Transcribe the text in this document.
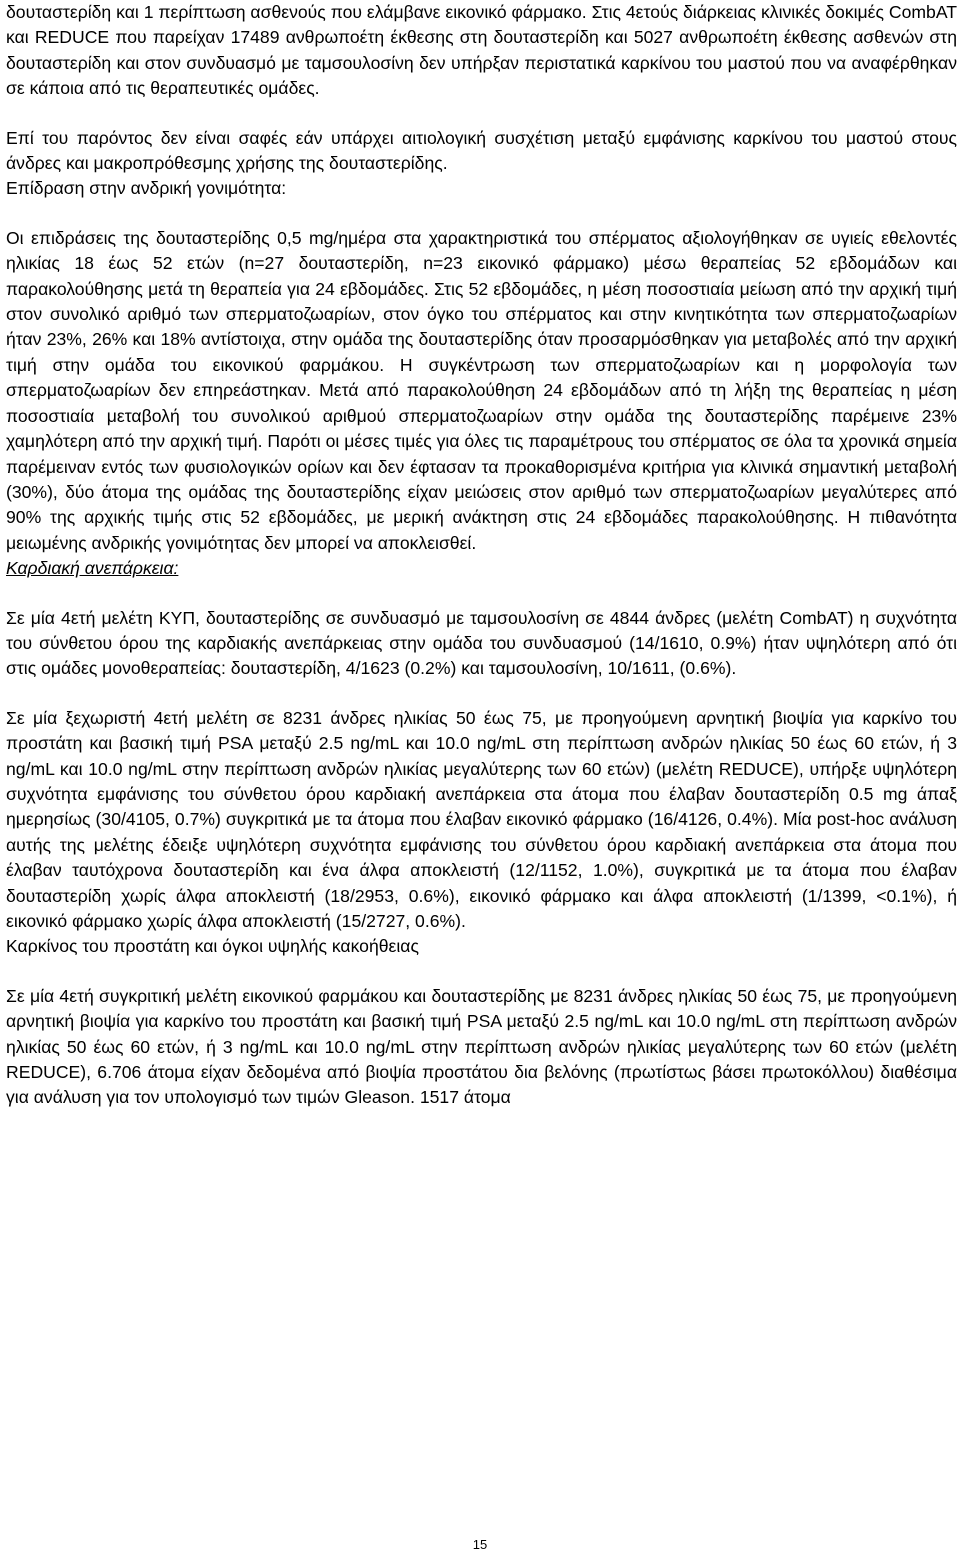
δουταστερίδη και 1 περίπτωση ασθενούς που ελάμβανε εικονικό φάρμακο. Στις 4ετούς διάρκειας κλινικές δοκιμές CombAT και REDUCE που παρείχαν 17489 ανθρωποέτη έκθεσης στη δουταστερίδη και 5027 ανθρωποέτη έκθεσης ασθενών στη δουταστερίδη και στον συνδυασμό με ταμσουλοσίνη δεν υπήρξαν περιστατικά καρκίνου του μαστού που να αναφέρθηκαν σε κάποια από τις θεραπευτικές ομάδες.

Επί του παρόντος δεν είναι σαφές εάν υπάρχει αιτιολογική συσχέτιση μεταξύ εμφάνισης καρκίνου του μαστού στους άνδρες και μακροπρόθεσμης χρήσης της δουταστερίδης.

Επίδραση στην ανδρική γονιμότητα:

Οι επιδράσεις της δουταστερίδης 0,5 mg/ημέρα στα χαρακτηριστικά του σπέρματος αξιολογήθηκαν σε υγιείς εθελοντές ηλικίας 18 έως 52 ετών (n=27 δουταστερίδη, n=23 εικονικό φάρμακο) μέσω θεραπείας 52 εβδομάδων και παρακολούθησης μετά τη θεραπεία για 24 εβδομάδες. Στις 52 εβδομάδες, η μέση ποσοστιαία μείωση από την αρχική τιμή στον συνολικό αριθμό των σπερματοζωαρίων, στον όγκο του σπέρματος και στην κινητικότητα των σπερματοζωαρίων ήταν 23%, 26% και 18% αντίστοιχα, στην ομάδα της δουταστερίδης όταν προσαρμόσθηκαν για μεταβολές από την αρχική τιμή στην ομάδα του εικονικού φαρμάκου. Η συγκέντρωση των σπερματοζωαρίων και η μορφολογία των σπερματοζωαρίων δεν επηρεάστηκαν. Μετά από παρακολούθηση 24 εβδομάδων από τη λήξη της θεραπείας η μέση ποσοστιαία μεταβολή του συνολικού αριθμού σπερματοζωαρίων στην ομάδα της δουταστερίδης παρέμεινε 23% χαμηλότερη από την αρχική τιμή. Παρότι οι μέσες τιμές για όλες τις παραμέτρους του σπέρματος σε όλα τα χρονικά σημεία παρέμειναν εντός των φυσιολογικών ορίων και δεν έφτασαν τα προκαθορισμένα κριτήρια για κλινικά σημαντική μεταβολή (30%), δύο άτομα της ομάδας της δουταστερίδης είχαν μειώσεις στον αριθμό των σπερματοζωαρίων μεγαλύτερες από 90% της αρχικής τιμής στις 52 εβδομάδες, με μερική ανάκτηση στις 24 εβδομάδες παρακολούθησης. Η πιθανότητα μειωμένης ανδρικής γονιμότητας δεν μπορεί να αποκλεισθεί.

Καρδιακή ανεπάρκεια:

Σε μία 4ετή μελέτη ΚΥΠ, δουταστερίδης σε συνδυασμό με ταμσουλοσίνη σε 4844 άνδρες (μελέτη CombAT) η συχνότητα του σύνθετου όρου της καρδιακής ανεπάρκειας στην ομάδα του συνδυασμού (14/1610, 0.9%) ήταν υψηλότερη από ότι στις ομάδες μονοθεραπείας: δουταστερίδη, 4/1623 (0.2%) και ταμσουλοσίνη, 10/1611, (0.6%).

Σε μία ξεχωριστή 4ετή μελέτη σε 8231 άνδρες ηλικίας 50 έως 75, με προηγούμενη αρνητική βιοψία για καρκίνο του προστάτη και βασική τιμή PSA μεταξύ 2.5 ng/mL και 10.0 ng/mL στη περίπτωση ανδρών ηλικίας 50 έως 60 ετών, ή 3 ng/mL και 10.0 ng/mL στην περίπτωση ανδρών ηλικίας μεγαλύτερης των 60 ετών) (μελέτη REDUCE), υπήρξε υψηλότερη συχνότητα εμφάνισης του σύνθετου όρου καρδιακή ανεπάρκεια στα άτομα που έλαβαν δουταστερίδη 0.5 mg άπαξ ημερησίως (30/4105, 0.7%) συγκριτικά με τα άτομα που έλαβαν εικονικό φάρμακο (16/4126, 0.4%). Μία post-hoc ανάλυση αυτής της μελέτης έδειξε υψηλότερη συχνότητα εμφάνισης του σύνθετου όρου καρδιακή ανεπάρκεια στα άτομα που έλαβαν ταυτόχρονα δουταστερίδη και ένα άλφα αποκλειστή (12/1152, 1.0%), συγκριτικά με τα άτομα που έλαβαν δουταστερίδη χωρίς άλφα αποκλειστή (18/2953, 0.6%), εικονικό φάρμακο και άλφα αποκλειστή (1/1399, <0.1%), ή εικονικό φάρμακο χωρίς άλφα αποκλειστή (15/2727, 0.6%).

Καρκίνος του προστάτη και όγκοι υψηλής κακοήθειας

Σε μία 4ετή συγκριτική μελέτη εικονικού φαρμάκου και δουταστερίδης με 8231 άνδρες ηλικίας 50 έως 75, με προηγούμενη αρνητική βιοψία για καρκίνο του προστάτη και βασική τιμή PSA μεταξύ 2.5 ng/mL και 10.0 ng/mL στη περίπτωση ανδρών ηλικίας 50 έως 60 ετών, ή 3 ng/mL και 10.0 ng/mL στην περίπτωση ανδρών ηλικίας μεγαλύτερης των 60 ετών (μελέτη REDUCE), 6.706 άτομα είχαν δεδομένα από βιοψία προστάτου δια βελόνης (πρωτίστως βάσει πρωτοκόλλου) διαθέσιμα για ανάλυση για τον υπολογισμό των τιμών Gleason. 1517 άτομα

15
